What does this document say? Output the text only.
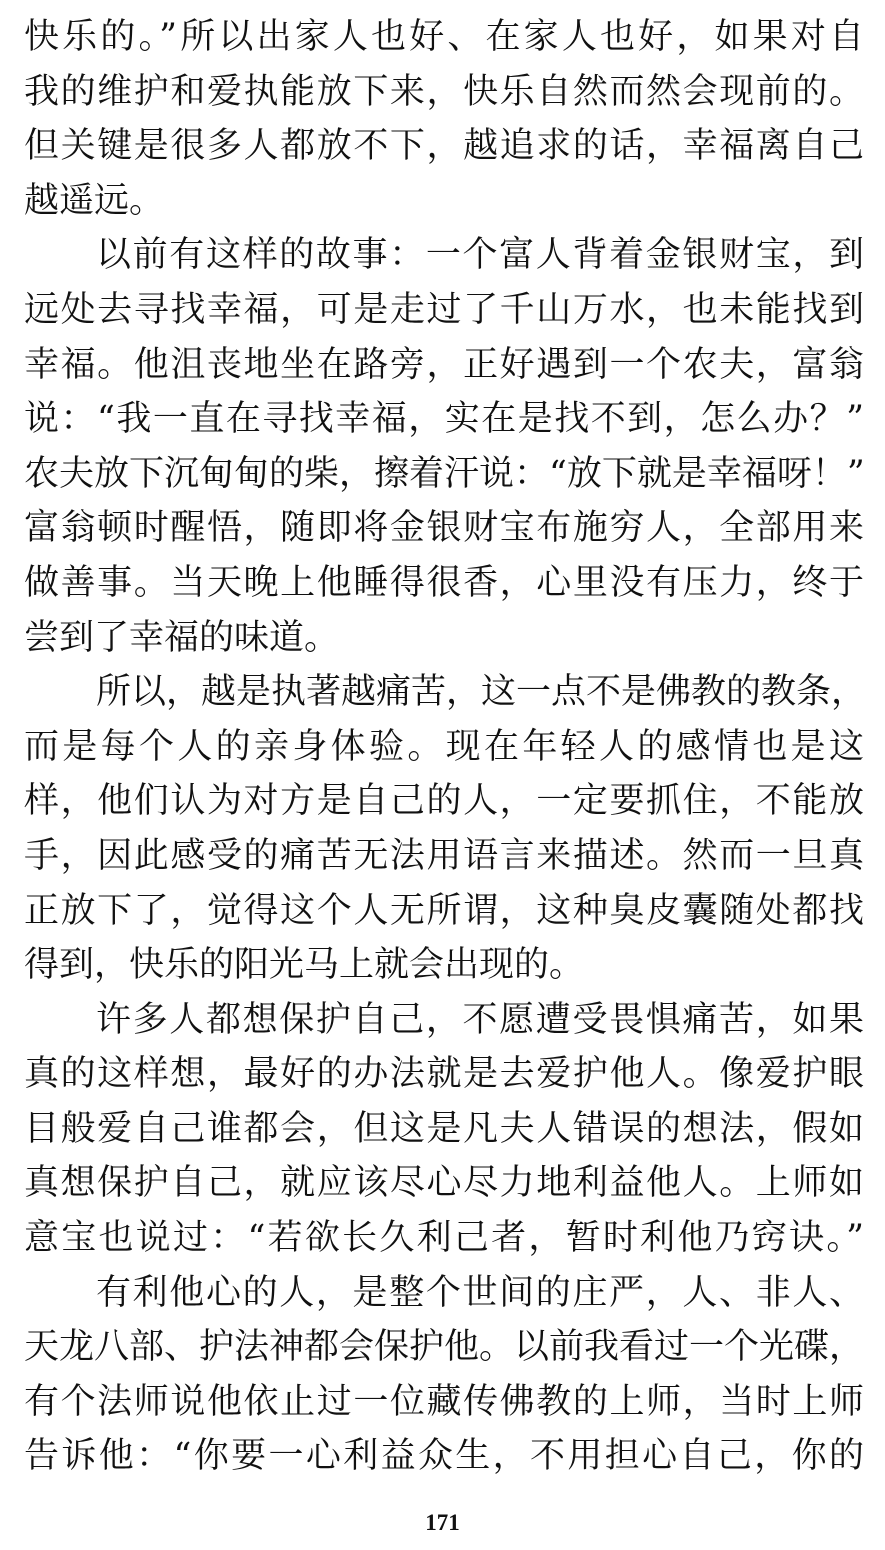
快乐的。”所以出家人也好、在家人也好，如果对自
我的维护和爱执能放下来，快乐自然而然会现前的。
但关键是很多人都放不下，越追求的话，幸福离自己
越遥远。
以前有这样的故事：一个富人背着金银财宝，到
远处去寻找幸福，可是走过了千山万水，也未能找到
幸福。他沮丧地坐在路旁，正好遇到一个农夫，富翁
说：“我一直在寻找幸福，实在是找不到，怎么办？”
农夫放下沉甸甸的柴，擦着汗说：“放下就是幸福呀！”
富翁顿时醒悟，随即将金银财宝布施穷人，全部用来
做善事。当天晚上他睡得很香，心里没有压力，终于
尝到了幸福的味道。
所以，越是执著越痛苦，这一点不是佛教的教条，
而是每个人的亲身体验。现在年轻人的感情也是这
样，他们认为对方是自己的人，一定要抓住，不能放
手，因此感受的痛苦无法用语言来描述。然而一旦真
正放下了，觉得这个人无所谓，这种臭皮囊随处都找
得到，快乐的阳光马上就会出现的。
许多人都想保护自己，不愿遭受畏惧痛苦，如果
真的这样想，最好的办法就是去爱护他人。像爱护眼
目般爱自己谁都会，但这是凡夫人错误的想法，假如
真想保护自己，就应该尽心尽力地利益他人。上师如
意宝也说过：“若欲长久利己者，暂时利他乃窍诀。”
有利他心的人，是整个世间的庄严，人、非人、
天龙八部、护法神都会保护他。以前我看过一个光碟，
有个法师说他依止过一位藏传佛教的上师，当时上师
告诉他：“你要一心利益众生，不用担心自己，你的
171
